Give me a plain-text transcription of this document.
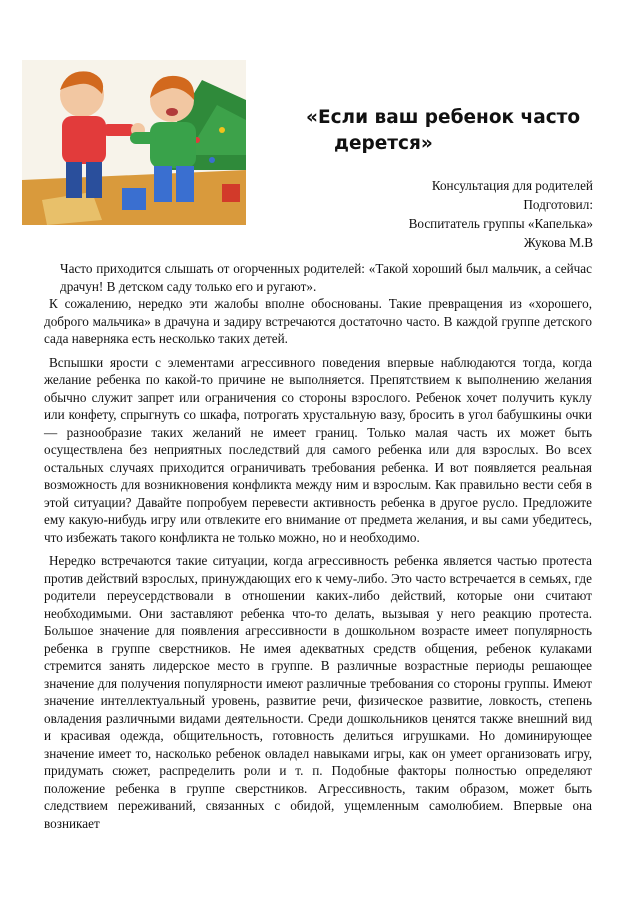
«Если ваш ребенок часто
дерется»
Консультация для родителей
Подготовил:
Воспитатель группы «Капелька»
Жукова М.В

Часто приходится слышать от огорченных родителей: «Такой хороший был мальчик, а сейчас драчун! В детском саду только его и ругают».

К сожалению, нередко эти жалобы вполне обоснованы. Такие превращения из «хорошего, доброго мальчика» в драчуна и задиру встречаются достаточно часто. В каждой группе детского сада наверняка есть несколько таких детей.

Вспышки ярости с элементами агрессивного поведения впервые наблюдаются тогда, когда желание ребенка по какой-то причине не выполняется. Препятствием к выполнению желания обычно служит запрет или ограничения со стороны взрослого. Ребенок хочет получить куклу или конфету, спрыгнуть со шкафа, потрогать хрустальную вазу, бросить в угол бабушкины очки — разнообразие таких желаний не имеет границ. Только малая часть их может быть осуществлена без неприятных последствий для самого ребенка или для взрослых. Во всех остальных случаях приходится ограничивать требования ребенка. И вот появляется реальная возможность для возникновения конфликта между ним и взрослым. Как правильно вести себя в этой ситуации? Давайте попробуем перевести активность ребенка в другое русло. Предложите ему какую-нибудь игру или отвлеките его внимание от предмета желания, и вы сами убедитесь, что избежать такого конфликта не только можно, но и необходимо.

Нередко встречаются такие ситуации, когда агрессивность ребенка является частью протеста против действий взрослых, принуждающих его к чему-либо. Это часто встречается в семьях, где родители переусердствовали в отношении каких-либо действий, которые они считают необходимыми. Они заставляют ребенка что-то делать, вызывая у него реакцию протеста. Большое значение для появления агрессивности в дошкольном возрасте имеет популярность ребенка в группе сверстников. Не имея адекватных средств общения, ребенок кулаками стремится занять лидерское место в группе. В различные возрастные периоды решающее значение для получения популярности имеют различные требования со стороны группы. Имеют значение интеллектуальный уровень, развитие речи, физическое развитие, ловкость, степень овладения различными видами деятельности. Среди дошкольников ценятся также внешний вид и красивая одежда, общительность, готовность делиться игрушками. Но доминирующее значение имеет то, насколько ребенок овладел навыками игры, как он умеет организовать игру, придумать сюжет, распределить роли и т. п. Подобные факторы полностью определяют положение ребенка в группе сверстников. Агрессивность, таким образом, может быть следствием переживаний, связанных с обидой, ущемленным самолюбием. Впервые она возникает
